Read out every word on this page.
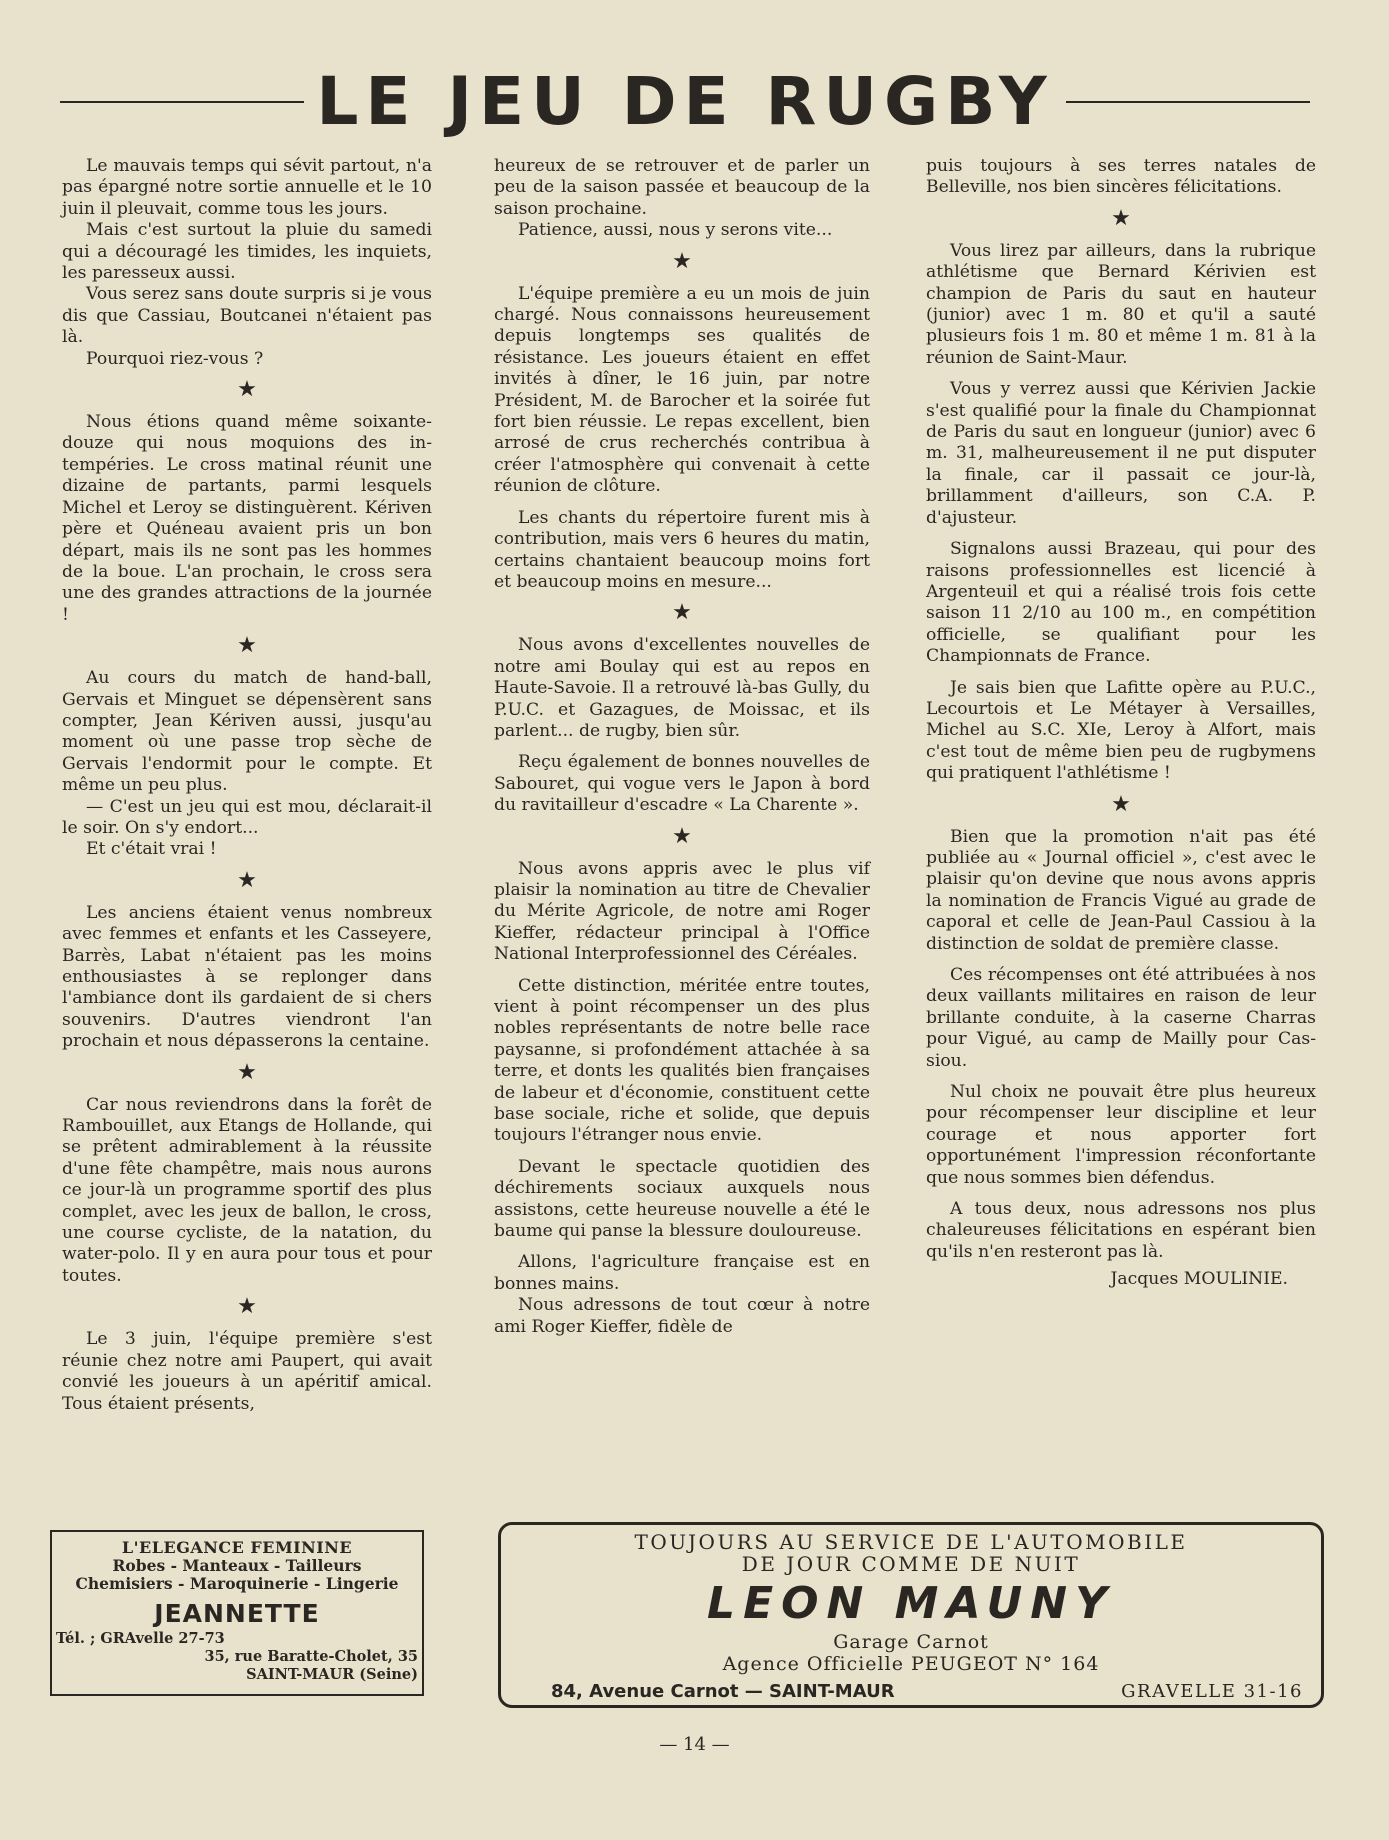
LE JEU DE RUGBY

Le mauvais temps qui sévit partout, n'a pas épargné notre sortie annuelle et le 10 juin il pleuvait, comme tous les jours.

Mais c'est surtout la pluie du samedi qui a découragé les timides, les inquiets, les paresseux aussi.

Vous serez sans doute surpris si je vous dis que Cassiau, Boutcanei n'étaient pas là.

Pourquoi riez-vous ?

★

Nous étions quand même soixante-douze qui nous moquions des intempéries. Le cross matinal réunit une dizaine de partants, parmi lesquels Michel et Leroy se distinguèrent. Kériven père et Quéneau avaient pris un bon départ, mais ils ne sont pas les hommes de la boue. L'an prochain, le cross sera une des grandes attractions de la journée !

★

Au cours du match de hand-ball, Gervais et Minguet se dépensèrent sans compter, Jean Kériven aussi, jusqu'au moment où une passe trop sèche de Gervais l'endormit pour le compte. Et même un peu plus.

— C'est un jeu qui est mou, déclarait-il le soir. On s'y endort...

Et c'était vrai !

★

Les anciens étaient venus nombreux avec femmes et enfants et les Casseyere, Barrès, Labat n'étaient pas les moins enthousiastes à se replonger dans l'ambiance dont ils gardaient de si chers souvenirs. D'autres viendront l'an prochain et nous dépasserons la centaine.

★

Car nous reviendrons dans la forêt de Rambouillet, aux Etangs de Hollande, qui se prêtent admirablement à la réussite d'une fête champêtre, mais nous aurons ce jour-là un programme sportif des plus complet, avec les jeux de ballon, le cross, une course cycliste, de la natation, du water-polo. Il y en aura pour tous et pour toutes.

★

Le 3 juin, l'équipe première s'est réunie chez notre ami Paupert, qui avait convié les joueurs à un apéritif amical. Tous étaient présents,

heureux de se retrouver et de parler un peu de la saison passée et beaucoup de la saison prochaine.

Patience, aussi, nous y serons vite...

★

L'équipe première a eu un mois de juin chargé. Nous connaissons heureusement depuis longtemps ses qualités de résistance. Les joueurs étaient en effet invités à dîner, le 16 juin, par notre Président, M. de Barocher et la soirée fut fort bien réussie. Le repas excellent, bien arrosé de crus recherchés contribua à créer l'atmosphère qui convenait à cette réunion de clôture.

Les chants du répertoire furent mis à contribution, mais vers 6 heures du matin, certains chantaient beaucoup moins fort et beaucoup moins en mesure...

★

Nous avons d'excellentes nouvelles de notre ami Boulay qui est au repos en Haute-Savoie. Il a retrouvé là-bas Gully, du P.U.C. et Gazagues, de Moissac, et ils parlent... de rugby, bien sûr.

Reçu également de bonnes nouvelles de Sabouret, qui vogue vers le Japon à bord du ravitailleur d'escadre « La Charente ».

★

Nous avons appris avec le plus vif plaisir la nomination au titre de Chevalier du Mérite Agricole, de notre ami Roger Kieffer, rédacteur principal à l'Office National Interprofessionnel des Céréales.

Cette distinction, méritée entre toutes, vient à point récompenser un des plus nobles représentants de notre belle race paysanne, si profondément attachée à sa terre, et donts les qualités bien françaises de labeur et d'économie, constituent cette base sociale, riche et solide, que depuis toujours l'étranger nous envie.

Devant le spectacle quotidien des déchirements sociaux auxquels nous assistons, cette heureuse nouvelle a été le baume qui panse la blessure douloureuse.

Allons, l'agriculture française est en bonnes mains.

Nous adressons de tout cœur à notre ami Roger Kieffer, fidèle de

puis toujours à ses terres natales de Belleville, nos bien sincères félicitations.

★

Vous lirez par ailleurs, dans la rubrique athlétisme que Bernard Kérivien est champion de Paris du saut en hauteur (junior) avec 1 m. 80 et qu'il a sauté plusieurs fois 1 m. 80 et même 1 m. 81 à la réunion de Saint-Maur.

Vous y verrez aussi que Kérivien Jackie s'est qualifié pour la finale du Championnat de Paris du saut en longueur (junior) avec 6 m. 31, malheureusement il ne put disputer la finale, car il passait ce jour-là, brillamment d'ailleurs, son C.A. P. d'ajusteur.

Signalons aussi Brazeau, qui pour des raisons professionnelles est licencié à Argenteuil et qui a réalisé trois fois cette saison 11 2/10 au 100 m., en compétition officielle, se qualifiant pour les Championnats de France.

Je sais bien que Lafitte opère au P.U.C., Lecourtois et Le Métayer à Versailles, Michel au S.C. XIe, Leroy à Alfort, mais c'est tout de même bien peu de rugbymens qui pratiquent l'athlétisme !

★

Bien que la promotion n'ait pas été publiée au « Journal officiel », c'est avec le plaisir qu'on devine que nous avons appris la nomination de Francis Vigué au grade de caporal et celle de Jean-Paul Cassiou à la distinction de soldat de première classe.

Ces récompenses ont été attribuées à nos deux vaillants militaires en raison de leur brillante conduite, à la caserne Charras pour Vigué, au camp de Mailly pour Cassiou.

Nul choix ne pouvait être plus heureux pour récompenser leur discipline et leur courage et nous apporter fort opportunément l'impression réconfortante que nous sommes bien défendus.

A tous deux, nous adressons nos plus chaleureuses félicitations en espérant bien qu'ils n'en resteront pas là.

Jacques MOULINIE.
L'ELEGANCE FEMININE
Robes - Manteaux - Tailleurs
Chemisiers - Maroquinerie - Lingerie
JEANNETTE
Tél. ; GRAvelle 27-73
35, rue Baratte-Cholet, 35
SAINT-MAUR (Seine)
TOUJOURS AU SERVICE DE L'AUTOMOBILE
DE JOUR COMME DE NUIT
LEON MAUNY
Garage Carnot
Agence Officielle PEUGEOT N° 164
84, Avenue Carnot — SAINT-MAUR	GRAVELLE 31-16
— 14 —
